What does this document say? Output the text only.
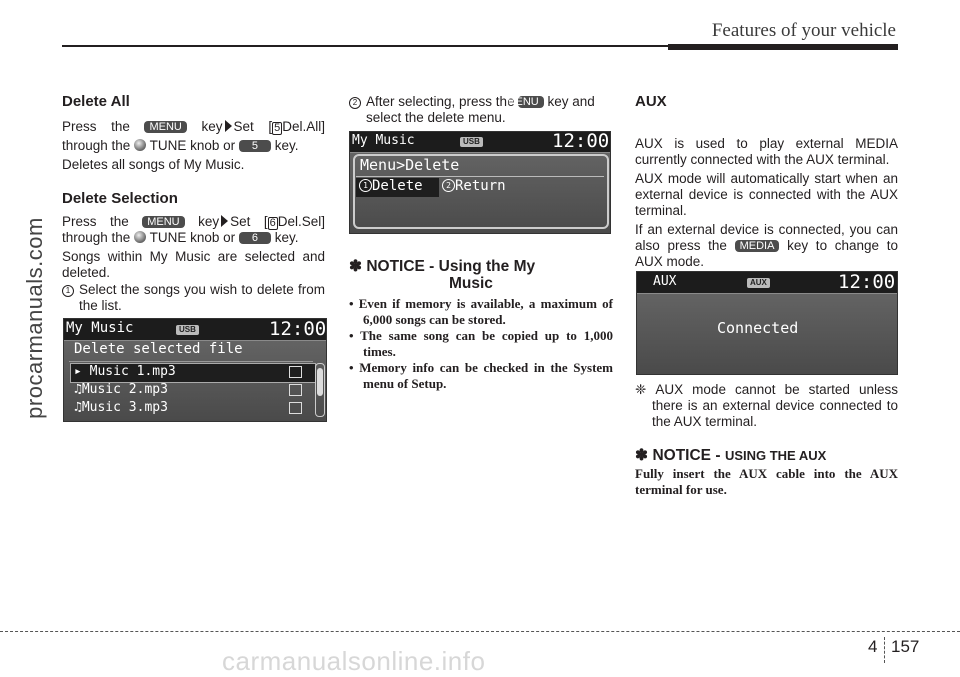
Features of your vehicle
procarmanuals.com
Delete All
Press the MENU key Set [ 5 Del.All]
through the TUNE knob or 5 key.
Deletes all songs of My Music.
Delete Selection
Press the MENU key Set [ 6 Del.Sel]
through the TUNE knob or 6 key.
Songs within My Music are selected and deleted.
1 Select the songs you wish to delete from the list.
My Music	USB	12:00
Delete selected file
▸ Music 1.mp3
♫Music 2.mp3
♫Music 3.mp3
2 After selecting, press the MENU key and select the delete menu.
My Music	USB	12:00
Menu>Delete
1 Delete	2 Return
✽ NOTICE - Using the My
Music
• Even if memory is available, a maximum of 6,000 songs can be stored.
• The same song can be copied up to 1,000 times.
• Memory info can be checked in the System menu of Setup.
AUX
AUX is used to play external MEDIA currently connected with the AUX terminal.
AUX mode will automatically start when an external device is connected with the AUX terminal.
If an external device is connected, you can also press the MEDIA key to change to AUX mode.
AUX	AUX	12:00
Connected
❈ AUX mode cannot be started unless there is an external device connected to the AUX terminal.
✽ NOTICE - USING THE AUX
Fully insert the AUX cable into the AUX terminal for use.
4 157
carmanualsonline.info
